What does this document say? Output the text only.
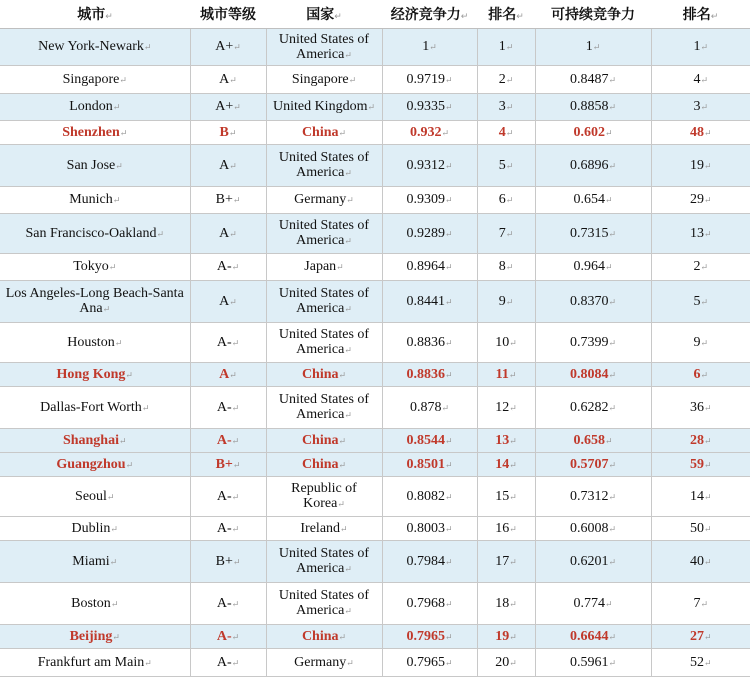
城市↵	城市等级	国家↵	经济竞争力↵	排名↵	可持续竞争力	排名↵
New York-Newark↵	A+↵	United States of America↵	1↵	1↵	1↵	1↵
Singapore↵	A↵	Singapore↵	0.9719↵	2↵	0.8487↵	4↵
London↵	A+↵	United Kingdom↵	0.9335↵	3↵	0.8858↵	3↵
Shenzhen↵	B↵	China↵	0.932↵	4↵	0.602↵	48↵
San Jose↵	A↵	United States of America↵	0.9312↵	5↵	0.6896↵	19↵
Munich↵	B+↵	Germany↵	0.9309↵	6↵	0.654↵	29↵
San Francisco-Oakland↵	A↵	United States of America↵	0.9289↵	7↵	0.7315↵	13↵
Tokyo↵	A-↵	Japan↵	0.8964↵	8↵	0.964↵	2↵
Los Angeles-Long Beach-Santa Ana↵	A↵	United States of America↵	0.8441↵	9↵	0.8370↵	5↵
Houston↵	A-↵	United States of America↵	0.8836↵	10↵	0.7399↵	9↵
Hong Kong↵	A↵	China↵	0.8836↵	11↵	0.8084↵	6↵
Dallas-Fort Worth↵	A-↵	United States of America↵	0.878↵	12↵	0.6282↵	36↵
Shanghai↵	A-↵	China↵	0.8544↵	13↵	0.658↵	28↵
Guangzhou↵	B+↵	China↵	0.8501↵	14↵	0.5707↵	59↵
Seoul↵	A-↵	Republic of Korea↵	0.8082↵	15↵	0.7312↵	14↵
Dublin↵	A-↵	Ireland↵	0.8003↵	16↵	0.6008↵	50↵
Miami↵	B+↵	United States of America↵	0.7984↵	17↵	0.6201↵	40↵
Boston↵	A-↵	United States of America↵	0.7968↵	18↵	0.774↵	7↵
Beijing↵	A-↵	China↵	0.7965↵	19↵	0.6644↵	27↵
Frankfurt am Main↵	A-↵	Germany↵	0.7965↵	20↵	0.5961↵	52↵
